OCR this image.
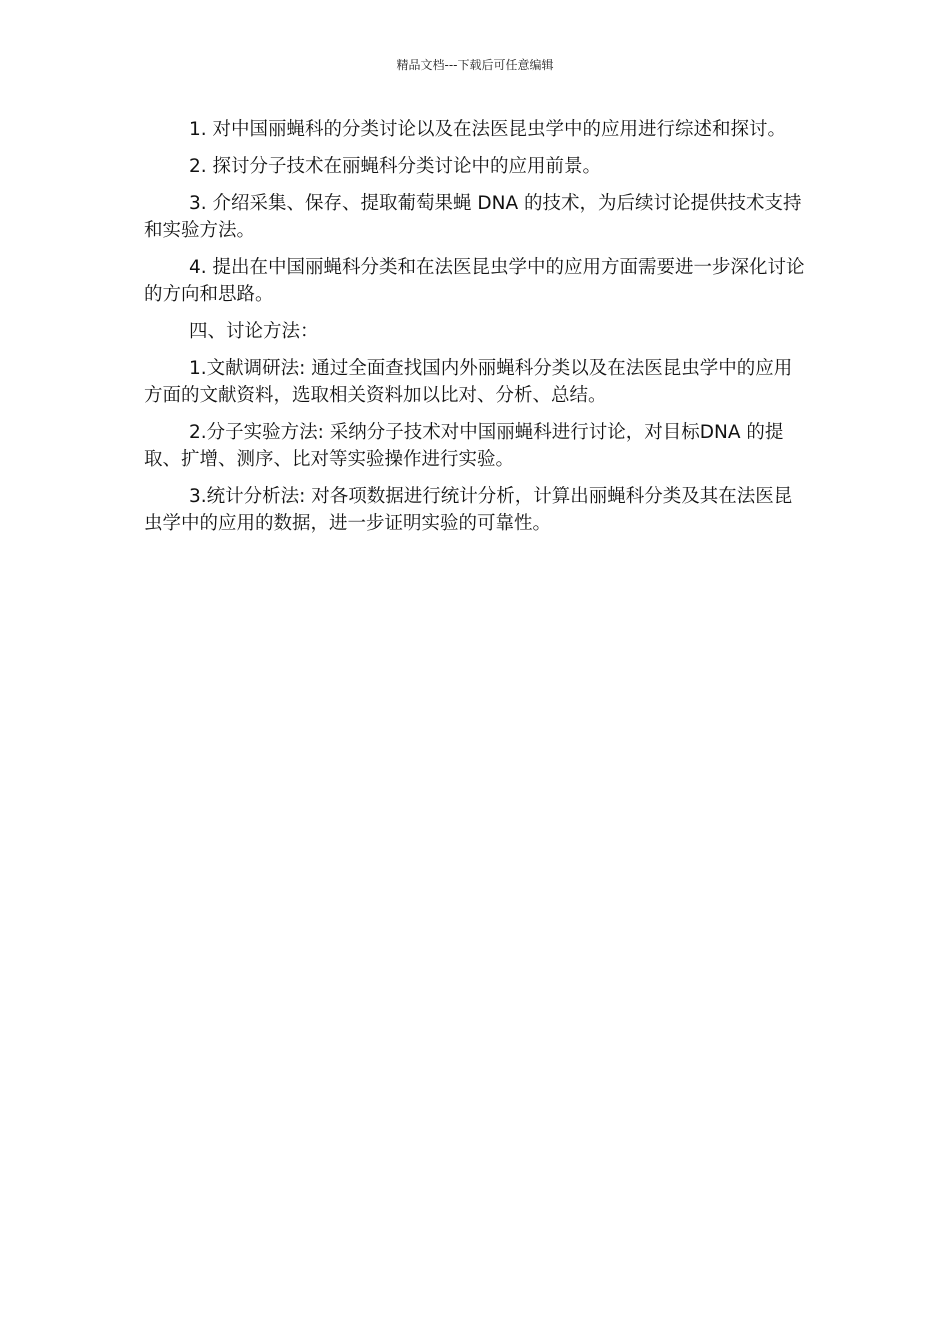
精品文档---下载后可任意编辑

1. 对中国丽蝇科的分类讨论以及在法医昆虫学中的应用进行综述和探讨。

2. 探讨分子技术在丽蝇科分类讨论中的应用前景。

3. 介绍采集、保存、提取葡萄果蝇 DNA 的技术，为后续讨论提供技术支持和实验方法。

4. 提出在中国丽蝇科分类和在法医昆虫学中的应用方面需要进一步深化讨论的方向和思路。

四、讨论方法：

1.文献调研法: 通过全面查找国内外丽蝇科分类以及在法医昆虫学中的应用方面的文献资料，选取相关资料加以比对、分析、总结。

2.分子实验方法: 采纳分子技术对中国丽蝇科进行讨论，对目标DNA 的提取、扩增、测序、比对等实验操作进行实验。

3.统计分析法: 对各项数据进行统计分析，计算出丽蝇科分类及其在法医昆虫学中的应用的数据，进一步证明实验的可靠性。
